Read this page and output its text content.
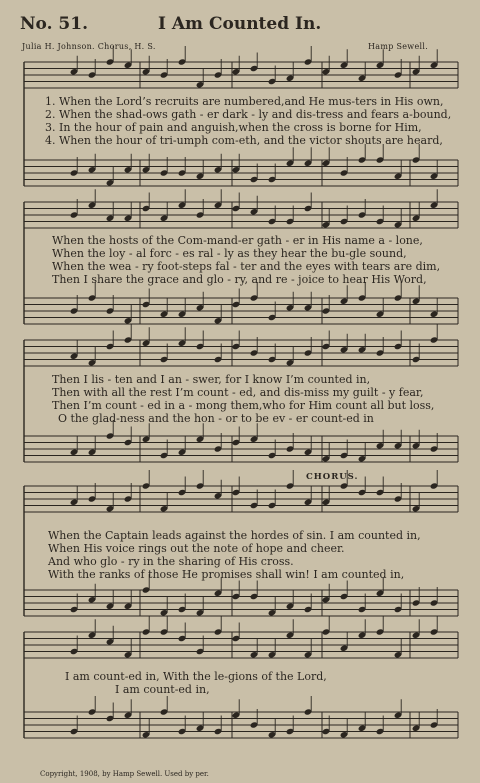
No. 51.	I Am Counted In.
Julia H. Johnson. Chorus, H. S.	Hamp Sewell.
1. When the Lord’s recruits are numbered,and He mus-ters in His own,
2. When the shad-ows gath - er dark - ly and dis-tress and fears a-bound,
3. In the hour of pain and anguish,when the cross is borne for Him,
4. When the hour of tri-umph com-eth, and the victor shouts are heard,
When the hosts of the Com-mand-er gath - er in His name a - lone,
When the loy - al forc - es ral - ly as they hear the bu-gle sound,
When the wea - ry foot-steps fal - ter and the eyes with tears are dim,
Then I share the grace and glo - ry, and re - joice to hear His Word,
Then I lis - ten and I an - swer, for I know I’m counted in,
Then with all the rest I’m count - ed, and dis-miss my guilt - y fear,
Then I’m count - ed in a - mong them,who for Him count all but loss,
O the glad-ness and the hon - or to be ev - er count-ed in
CHORUS.
When the Captain leads against the hordes of sin. I am counted in,
When His voice rings out the note of hope and cheer.
And who glo - ry in the sharing of His cross.
With the ranks of those He promises shall win! I am counted in,
I am count-ed in, With the le-gions of the Lord,
I am count-ed in,
Copyright, 1908, by Hamp Sewell. Used by per.
